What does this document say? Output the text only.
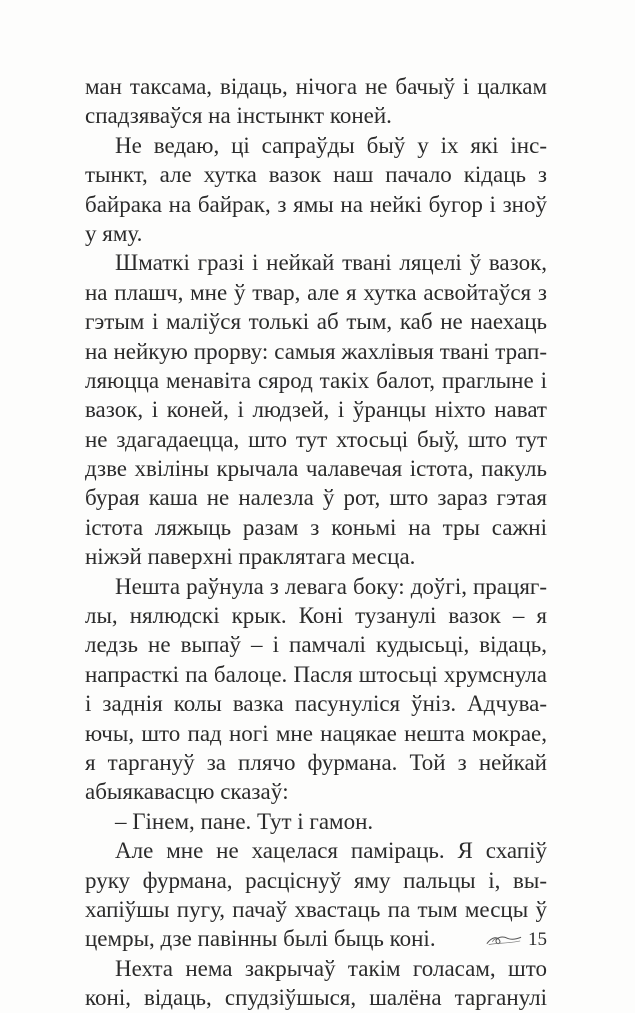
ман таксама, відаць, нічога не бачыў і цалкам
спадзяваўся на інстынкт коней.
Не ведаю, ці сапраўды быў у іх які інс-
тынкт, але хутка вазок наш пачало кідаць з
байрака на байрак, з ямы на нейкі бугор і зноў
у яму.
Шматкі гразі і нейкай твані ляцелі ў вазок,
на плашч, мне ў твар, але я хутка асвойтаўся з
гэтым і маліўся толькі аб тым, каб не наехаць
на нейкую прорву: самыя жахлівыя твані трап-
ляюцца менавіта сярод такіх балот, праглыне і
вазок, і коней, і людзей, і ўранцы ніхто нават
не здагадаецца, што тут хтосьці быў, што тут
дзве хвіліны крычала чалавечая істота, пакуль
бурая каша не налезла ў рот, што зараз гэтая
істота ляжыць разам з коньмі на тры сажні
ніжэй паверхні праклятага месца.
Нешта раўнула з левага боку: доўгі, працяг-
лы, нялюдскі крык. Коні тузанулі вазок – я
ледзь не выпаў – і памчалі кудысьці, відаць,
напрасткі па балоце. Пасля штосьці хрумснула
і заднія колы вазка пасунуліся ўніз. Адчува-
ючы, што пад ногі мне нацякае нешта мокрае,
я таргануў за плячо фурмана. Той з нейкай
абыякавасцю сказаў:
– Гінем, пане. Тут і гамон.
Але мне не хацелася паміраць. Я схапіў
руку фурмана, расціснуў яму пальцы і, вы-
хапіўшы пугу, пачаў хвастаць па тым месцы ў
цемры, дзе павінны былі быць коні.
Нехта нема закрычаў такім голасам, што
коні, відаць, спудзіўшыся, шалёна тарганулі
15
